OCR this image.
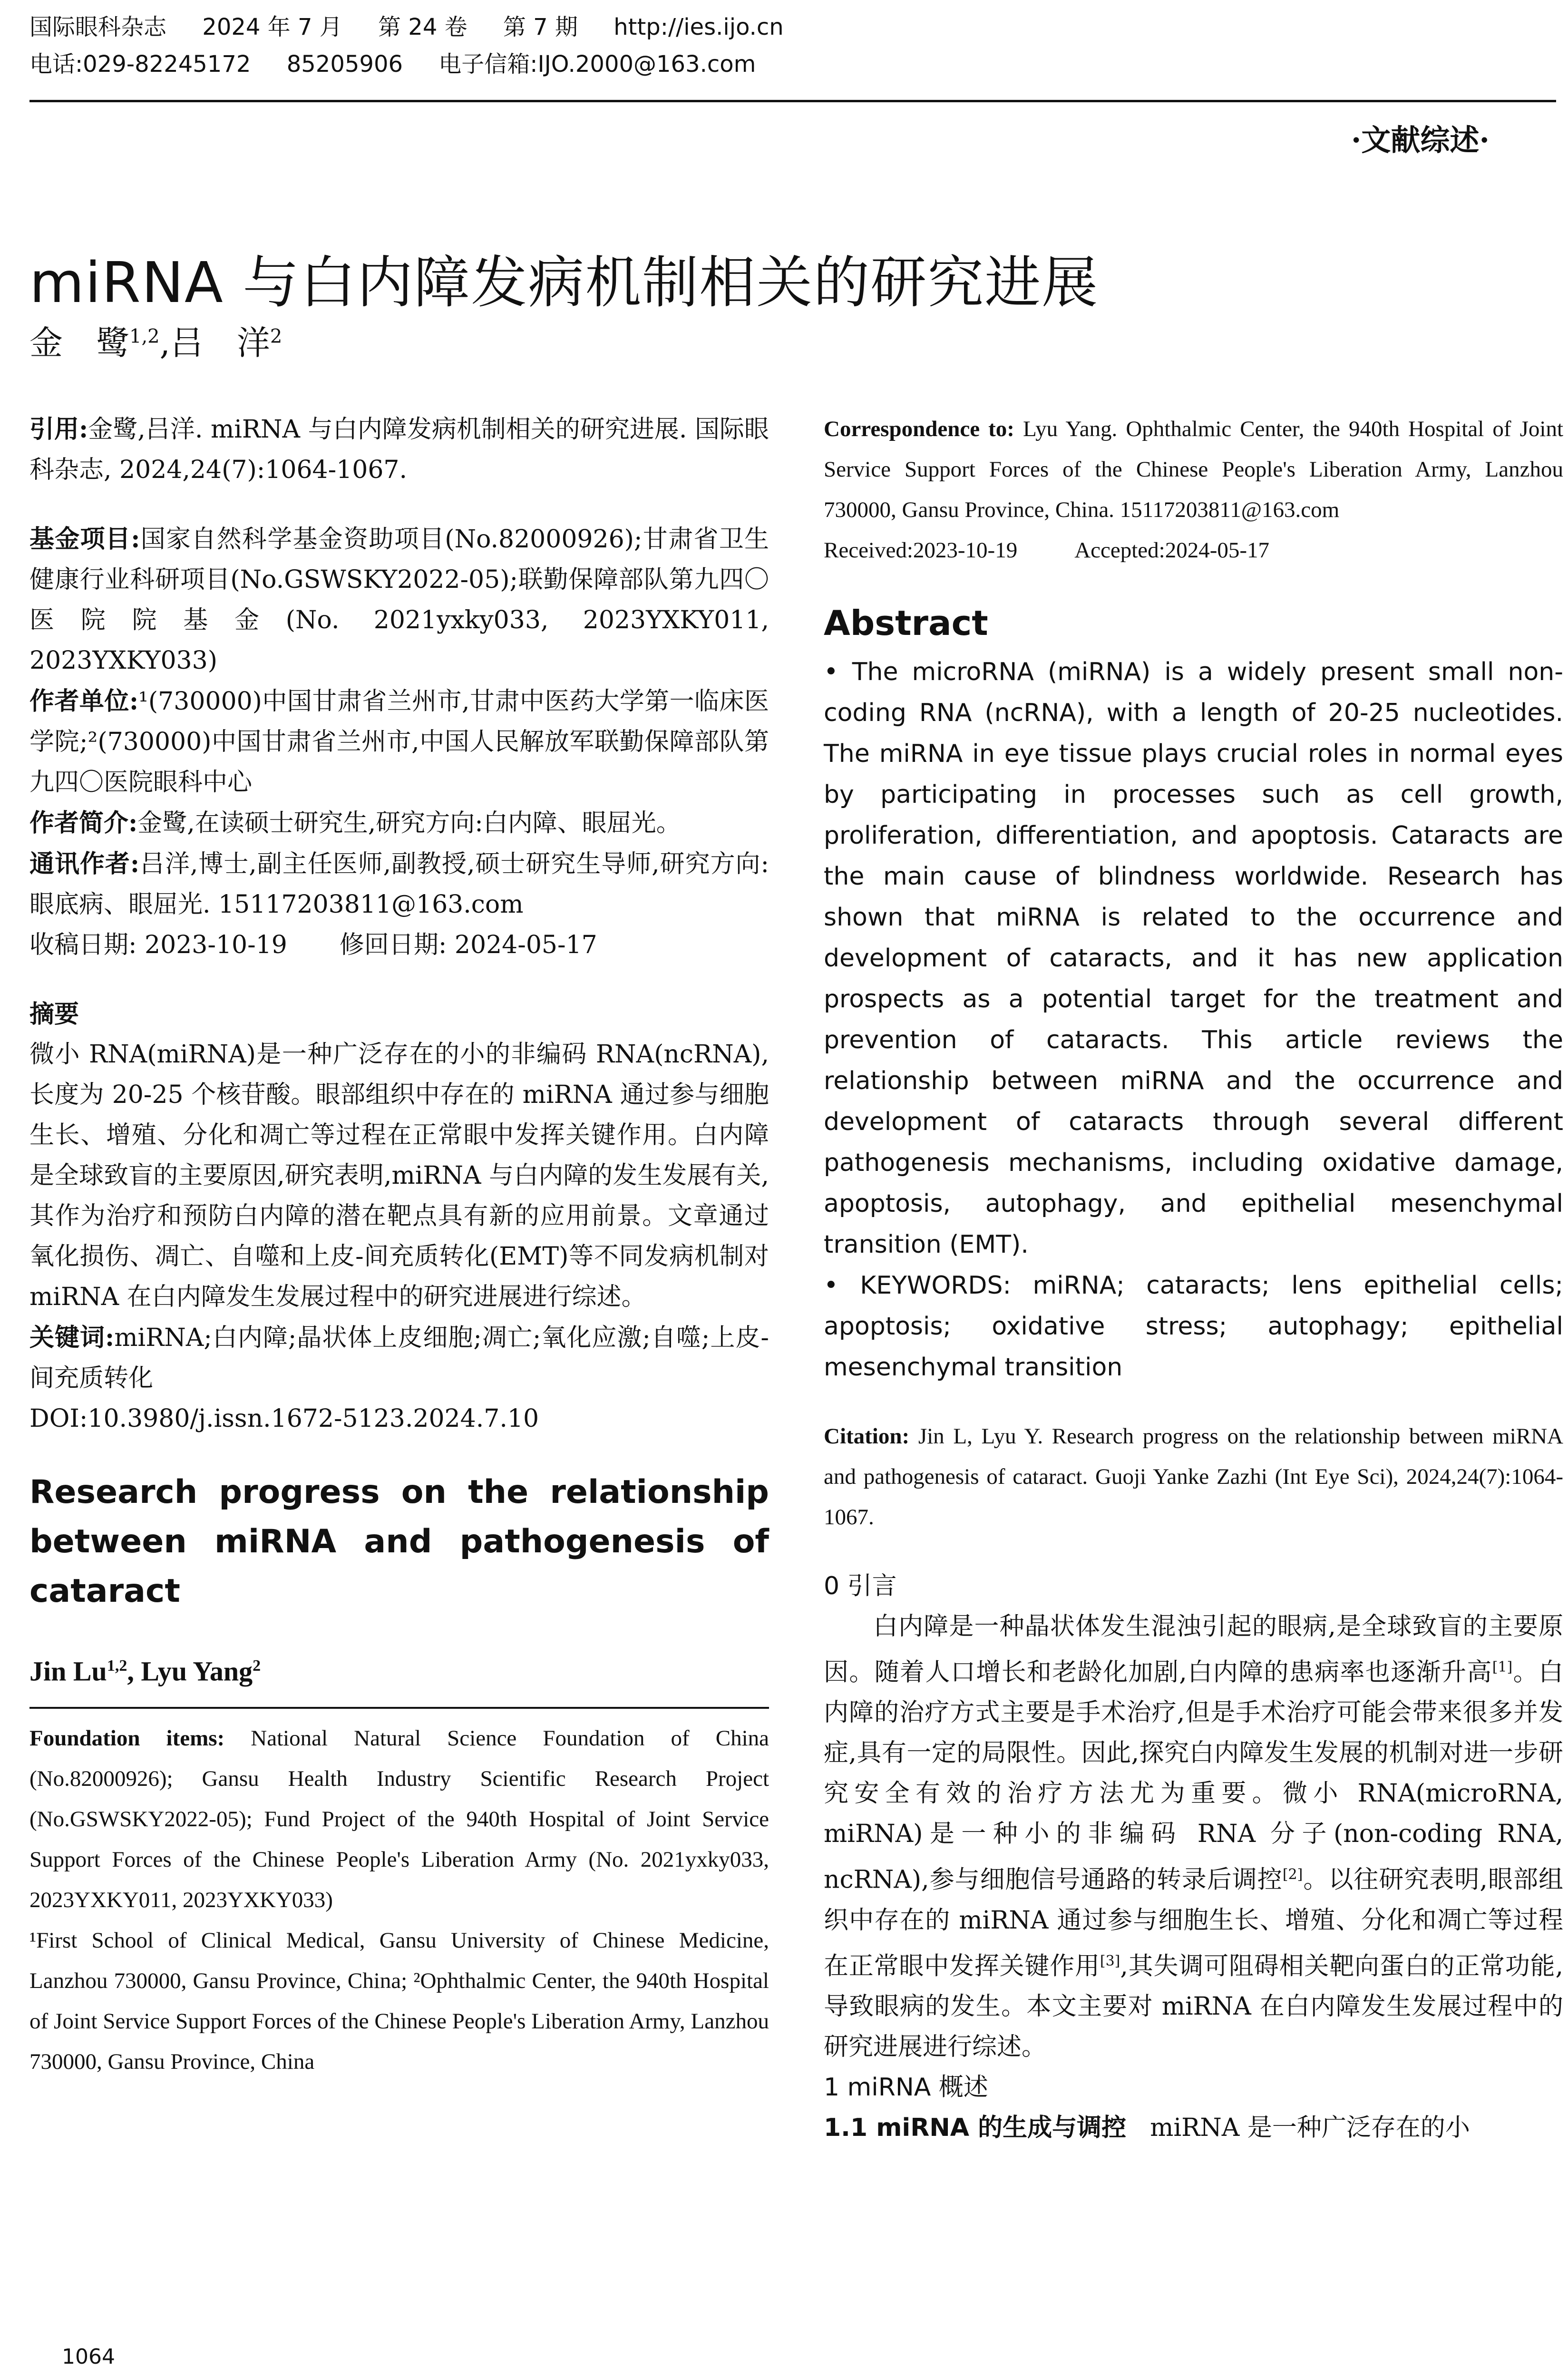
国际眼科杂志 2024 年 7 月 第 24 卷 第 7 期 http://ies.ijo.cn
电话:029-82245172 85205906 电子信箱:IJO.2000@163.com
·文献综述·
miRNA 与白内障发病机制相关的研究进展
金　鹭$^{1,2}$,吕　洋$^2$

引用:金鹭,吕洋. miRNA 与白内障发病机制相关的研究进展. 国际眼科杂志, 2024,24(7):1064-1067.

基金项目:国家自然科学基金资助项目(No.82000926);甘肃省卫生健康行业科研项目(No.GSWSKY2022-05);联勤保障部队第九四〇医院院基金(No. 2021yxky033, 2023YXKY011, 2023YXKY033)

作者单位:¹(730000)中国甘肃省兰州市,甘肃中医药大学第一临床医学院;²(730000)中国甘肃省兰州市,中国人民解放军联勤保障部队第九四〇医院眼科中心

作者简介:金鹭,在读硕士研究生,研究方向:白内障、眼屈光。

通讯作者:吕洋,博士,副主任医师,副教授,硕士研究生导师,研究方向:眼底病、眼屈光. 15117203811@163.com

收稿日期: 2023-10-19 修回日期: 2024-05-17

摘要

微小 RNA(miRNA)是一种广泛存在的小的非编码 RNA(ncRNA),长度为 20-25 个核苷酸。眼部组织中存在的 miRNA 通过参与细胞生长、增殖、分化和凋亡等过程在正常眼中发挥关键作用。白内障是全球致盲的主要原因,研究表明,miRNA 与白内障的发生发展有关,其作为治疗和预防白内障的潜在靶点具有新的应用前景。文章通过氧化损伤、凋亡、自噬和上皮-间充质转化(EMT)等不同发病机制对 miRNA 在白内障发生发展过程中的研究进展进行综述。

关键词:miRNA;白内障;晶状体上皮细胞;凋亡;氧化应激;自噬;上皮-间充质转化

DOI:10.3980/j.issn.1672-5123.2024.7.10

Research progress on the relationship between miRNA and pathogenesis of cataract

Jin Lu$^{1,2}$, Lyu Yang$^2$

Foundation items: National Natural Science Foundation of China (No.82000926); Gansu Health Industry Scientific Research Project (No.GSWSKY2022-05); Fund Project of the 940th Hospital of Joint Service Support Forces of the Chinese People's Liberation Army (No. 2021yxky033, 2023YXKY011, 2023YXKY033)

¹First School of Clinical Medical, Gansu University of Chinese Medicine, Lanzhou 730000, Gansu Province, China; ²Ophthalmic Center, the 940th Hospital of Joint Service Support Forces of the Chinese People's Liberation Army, Lanzhou 730000, Gansu Province, China

Correspondence to: Lyu Yang. Ophthalmic Center, the 940th Hospital of Joint Service Support Forces of the Chinese People's Liberation Army, Lanzhou 730000, Gansu Province, China. 15117203811@163.com

Received:2023-10-19	Accepted:2024-05-17

Abstract

• The microRNA (miRNA) is a widely present small non-coding RNA (ncRNA), with a length of 20-25 nucleotides. The miRNA in eye tissue plays crucial roles in normal eyes by participating in processes such as cell growth, proliferation, differentiation, and apoptosis. Cataracts are the main cause of blindness worldwide. Research has shown that miRNA is related to the occurrence and development of cataracts, and it has new application prospects as a potential target for the treatment and prevention of cataracts. This article reviews the relationship between miRNA and the occurrence and development of cataracts through several different pathogenesis mechanisms, including oxidative damage, apoptosis, autophagy, and epithelial mesenchymal transition (EMT).

• KEYWORDS: miRNA; cataracts; lens epithelial cells; apoptosis; oxidative stress; autophagy; epithelial mesenchymal transition

Citation: Jin L, Lyu Y. Research progress on the relationship between miRNA and pathogenesis of cataract. Guoji Yanke Zazhi (Int Eye Sci), 2024,24(7):1064-1067.

0 引言

白内障是一种晶状体发生混浊引起的眼病,是全球致盲的主要原因。随着人口增长和老龄化加剧,白内障的患病率也逐渐升高[1]。白内障的治疗方式主要是手术治疗,但是手术治疗可能会带来很多并发症,具有一定的局限性。因此,探究白内障发生发展的机制对进一步研究安全有效的治疗方法尤为重要。微小 RNA(microRNA, miRNA)是一种小的非编码 RNA 分子(non-coding RNA, ncRNA),参与细胞信号通路的转录后调控[2]。以往研究表明,眼部组织中存在的 miRNA 通过参与细胞生长、增殖、分化和凋亡等过程在正常眼中发挥关键作用[3],其失调可阻碍相关靶向蛋白的正常功能,导致眼病的发生。本文主要对 miRNA 在白内障发生发展过程中的研究进展进行综述。

1 miRNA 概述

1.1 miRNA 的生成与调控 miRNA 是一种广泛存在的小

1064
